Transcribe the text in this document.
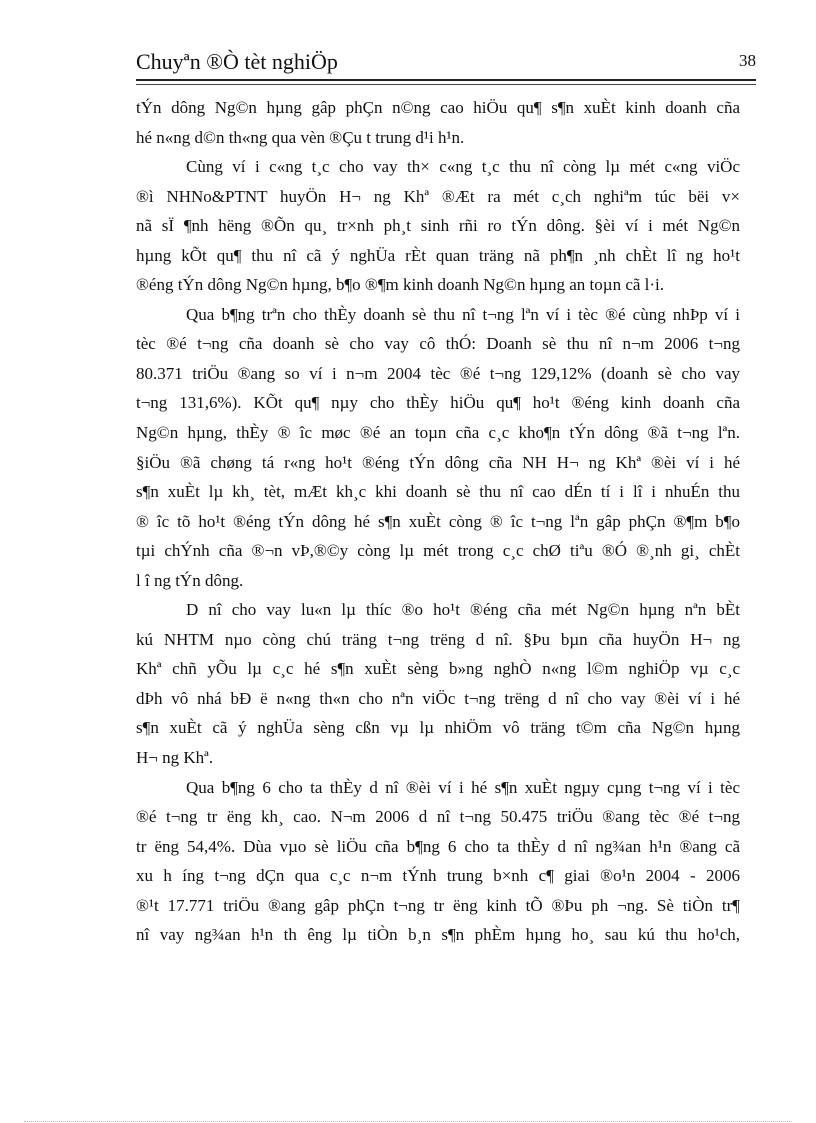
Chuyªn ®Ò tèt nghiÖp	38
tÝn dông Ng©n hµng gâp phÇn n©ng cao hiÖu qu¶ s¶n xuÈt kinh doanh cña
hé n«ng d©n th«ng qua vèn ®Çu t trung d¹i h¹n.
Cùng ví i c«ng t¸c cho vay th× c«ng t¸c thu nî còng lµ mét c«ng viÖc
®ì NHNo&PTNT huyÖn H¬ ng Khª ®Æt ra mét c¸ch nghiªm túc bëi v×
nã sÏ ¶nh hëng ®Õn qu¸ tr×nh ph¸t sinh rñi ro tÝn dông. §èi ví i mét Ng©n
hµng kÕt qu¶ thu nî cã ý nghÜa rÈt quan träng nã ph¶n ¸nh chÈt lî ng ho¹t
®éng tÝn dông Ng©n hµng, b¶o ®¶m kinh doanh Ng©n hµng an toµn cã l·i.
Qua b¶ng trªn cho thÈy doanh sè thu nî t¬ng lªn ví i tèc ®é cùng nhÞp ví i
tèc ®é t¬ng cña doanh sè cho vay cô thÓ: Doanh sè thu nî n¬m 2006 t¬ng
80.371 triÖu ®ang so ví i n¬m 2004 tèc ®é t¬ng 129,12% (doanh sè cho vay
t¬ng 131,6%). KÕt qu¶ nµy cho thÈy hiÖu qu¶ ho¹t ®éng kinh doanh cña
Ng©n hµng, thÈy ® îc møc ®é an toµn cña c¸c kho¶n tÝn dông ®ã t¬ng lªn.
§iÖu ®ã chøng tá r«ng ho¹t ®éng tÝn dông cña NH H¬ ng Khª ®èi ví i hé
s¶n xuÈt lµ kh¸ tèt, mÆt kh¸c khi doanh sè thu nî cao dÉn tí i lî i nhuÉn thu
® îc tõ ho¹t ®éng tÝn dông hé s¶n xuÈt còng ® îc t¬ng lªn gâp phÇn ®¶m b¶o
tµi chÝnh cña ®¬n vÞ,®©y còng lµ mét trong c¸c chØ tiªu ®Ó ®¸nh gi¸ chÈt
l î ng tÝn dông.
D nî cho vay lu«n lµ thíc ®o ho¹t ®éng cña mét Ng©n hµng nªn bÈt
kú NHTM nµo còng chú träng t¬ng trëng d nî. §Þu bµn cña huyÖn H¬ ng
Khª chñ yÕu lµ c¸c hé s¶n xuÈt sèng b»ng nghÒ n«ng l©m nghiÖp vµ c¸c
dÞh vô nhá bÐ ë n«ng th«n cho nªn viÖc t¬ng trëng d nî cho vay ®èi ví i hé
s¶n xuÈt cã ý nghÜa sèng cßn vµ lµ nhiÖm vô träng t©m cña Ng©n hµng
H¬ ng Khª.
Qua b¶ng 6 cho ta thÈy d nî ®èi ví i hé s¶n xuÈt ngµy cµng t¬ng ví i tèc
®é t¬ng tr ëng kh¸ cao. N¬m 2006 d nî t¬ng 50.475 triÖu ®ang tèc ®é t¬ng
tr ëng 54,4%. Dùa vµo sè liÖu cña b¶ng 6 cho ta thÈy d nî ng¾an h¹n ®ang cã
xu h íng t¬ng dÇn qua c¸c n¬m tÝnh trung b×nh c¶ giai ®o¹n 2004 - 2006
®¹t 17.771 triÖu ®ang gâp phÇn t¬ng tr ëng kinh tÕ ®Þu ph ¬ng. Sè tiÒn tr¶
nî vay ng¾an h¹n th êng lµ tiÒn b¸n s¶n phÈm hµng ho¸ sau kú thu ho¹ch,
